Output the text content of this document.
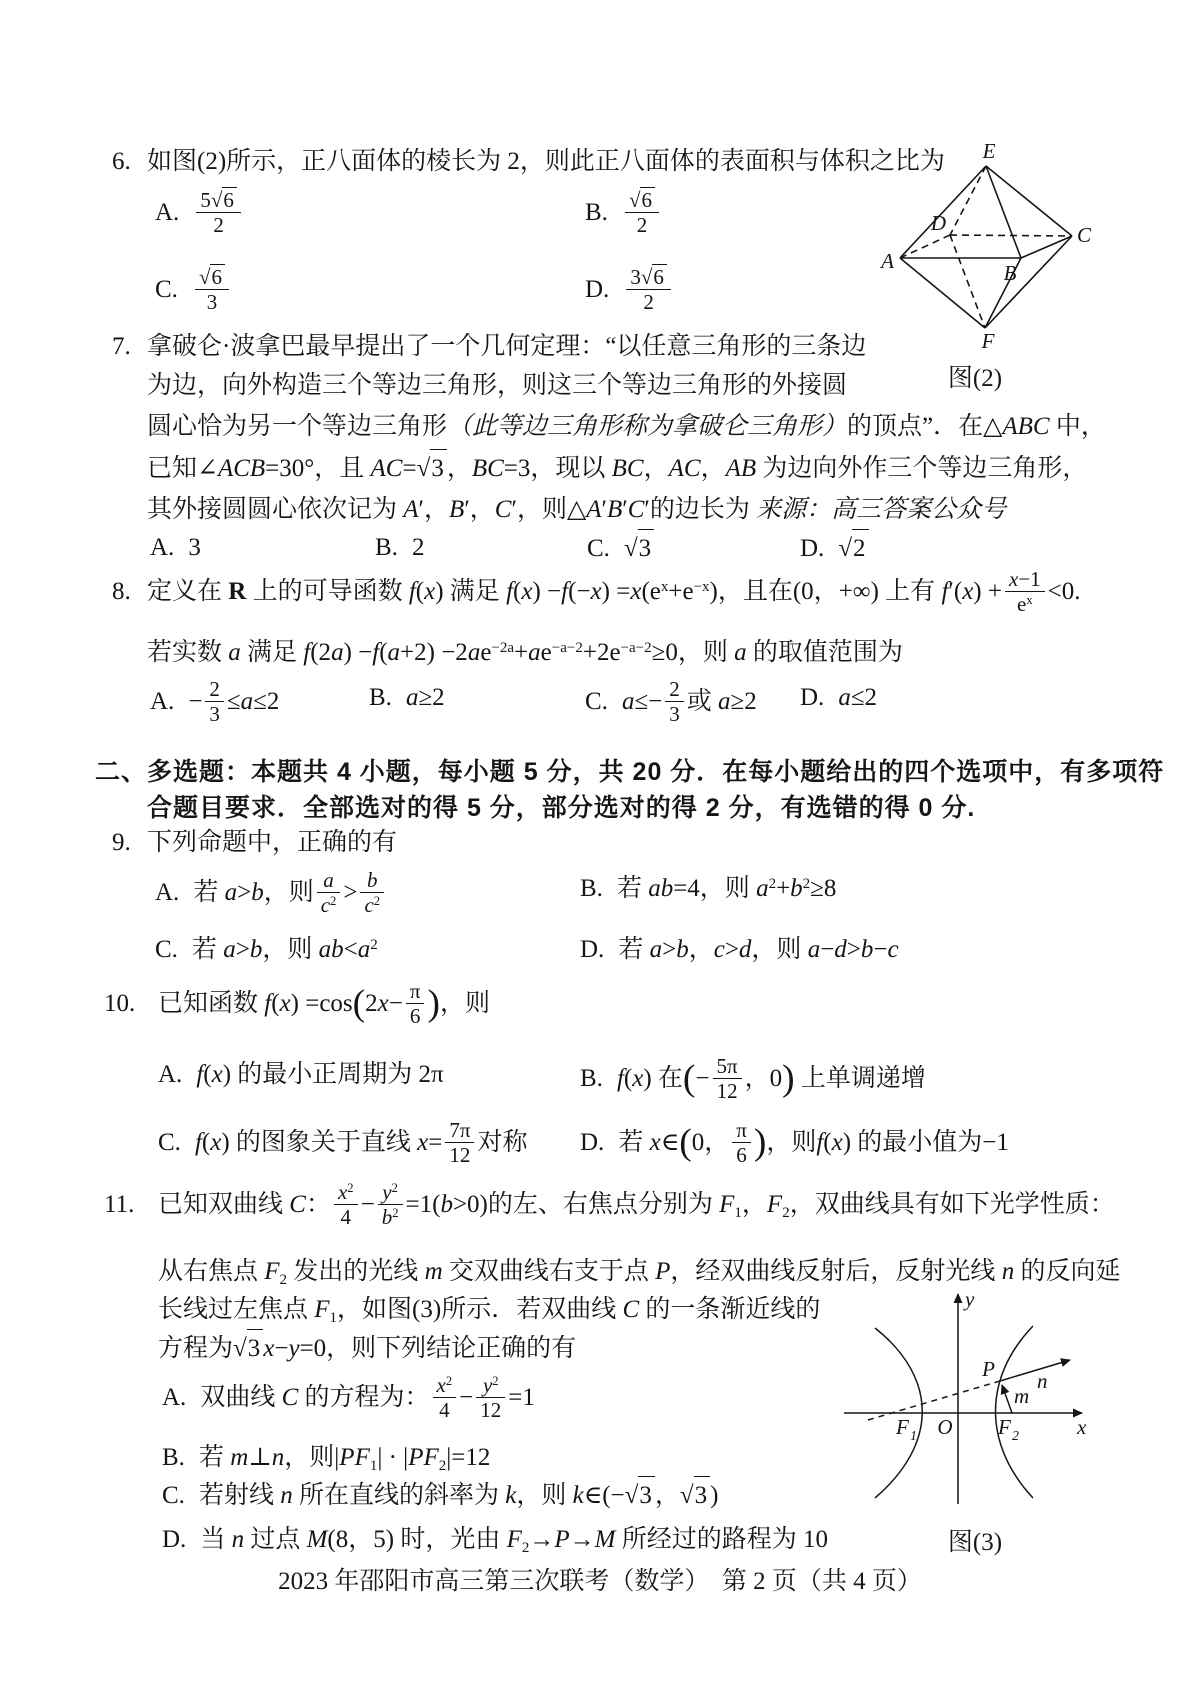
6. 如图(2)所示，正八面体的棱长为 2，则此正八面体的表面积与体积之比为
A. $\frac{5√6}{2}$	B. $\frac{√6}{2}$
C. $\frac{√6}{3}$	D. $\frac{3√6}{2}$
E
A
C
D
B
F
图(2)
7. 拿破仑·波拿巴最早提出了一个几何定理：“以任意三角形的三条边
为边，向外构造三个等边三角形，则这三个等边三角形的外接圆
圆心恰为另一个等边三角形（此等边三角形称为拿破仑三角形）的顶点”．在△ABC 中，
已知∠ACB=30°，且 AC=√3 ，BC=3，现以 BC，AC，AB 为边向外作三个等边三角形，
其外接圆圆心依次记为 A′，B′，C′，则△A′B′C′的边长为 来源：高三答案公众号
A. 3	B. 2	C. √3	D. √2
8. 定义在 R 上的可导函数 f(x) 满足 $f(x) -f(-x) =x(e^x+e^{-x})$，且在(0，+∞) 上有 $f'(x) + \frac{x-1}{e^x} <0$.
若实数 a 满足 $f(2a) -f(a+2) -2ae^{-2a}+ae^{-a-2}+2e^{-a-2}\ge 0$，则 a 的取值范围为
A. − $\frac{2}{3} \le a\le 2$	B. a≥2	C. $a\le- \frac{2}{3}$ 或 a≥2 D. a≤2
二、多选题：本题共 4 小题，每小题 5 分，共 20 分．在每小题给出的四个选项中，有多项符
合题目要求．全部选对的得 5 分，部分选对的得 2 分，有选错的得 0 分.
9. 下列命题中，正确的有
A. 若 a>b，则 $\frac{a}{c^2} > \frac{b}{c^2}$	B. 若 ab=4，则 $a^2+b^2\ge 8$
C. 若 a>b，则 $ab<a^2$	D. 若 a>b，c>d，则 a−d>b−c
10. 已知函数 $f(x) =\cos(2x- \frac{\pi}{6}$ )，则
A. f(x) 的最小正周期为 2π	B. f(x) 在(− $\frac{5\pi}{12}$ ，0) 上单调递增
C. f(x) 的图象关于直线 $x= \frac{7\pi}{12}$ 对称 D. 若 x∈(0， $\frac{\pi}{6}$ )，则f(x) 的最小值为−1
11. 已知双曲线 C： $\frac{x^2}{4} - \frac{y^2}{b^2} =1(b>0)$的左、右焦点分别为 F1，F2，双曲线具有如下光学性质：
从右焦点 F2 发出的光线 m 交双曲线右支于点 P，经双曲线反射后，反射光线 n 的反向延
长线过左焦点 F1，如图(3)所示．若双曲线 C 的一条渐近线的
方程为√3 x−y=0，则下列结论正确的有
A. 双曲线 C 的方程为： $\frac{x^2}{4} - \frac{y^2}{12} =1$
B. 若 m⊥n，则|PF1| · |PF2|=12
C. 若射线 n 所在直线的斜率为 k，则 k∈(−√3 ，√3 )
D. 当 n 过点 M(8，5) 时，光由 F2→P→M 所经过的路程为 10
y
x
O
F 1	F 2
P
m
n
图(3)
2023 年邵阳市高三第三次联考（数学）　第 2 页（共 4 页）
